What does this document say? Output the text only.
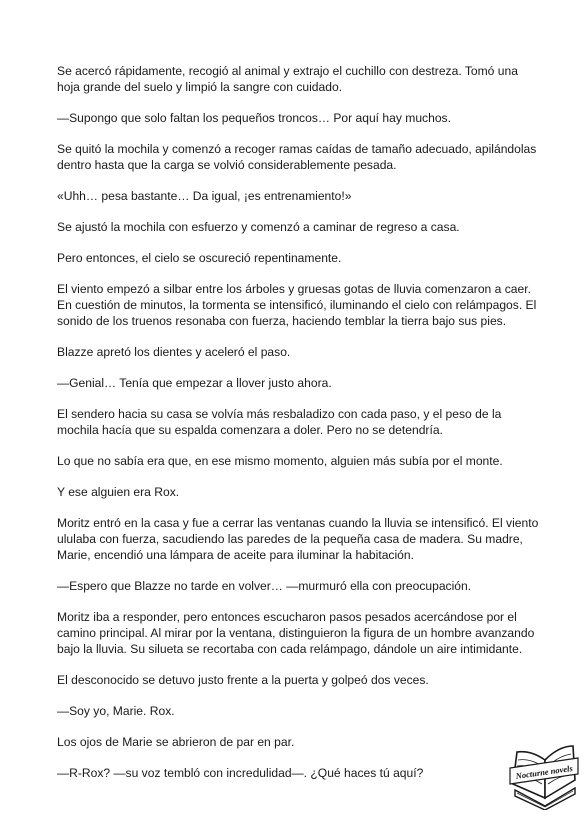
Se acercó rápidamente, recogió al animal y extrajo el cuchillo con destreza. Tomó una hoja grande del suelo y limpió la sangre con cuidado.

—Supongo que solo faltan los pequeños troncos… Por aquí hay muchos.

Se quitó la mochila y comenzó a recoger ramas caídas de tamaño adecuado, apilándolas dentro hasta que la carga se volvió considerablemente pesada.

«Uhh… pesa bastante… Da igual, ¡es entrenamiento!»

Se ajustó la mochila con esfuerzo y comenzó a caminar de regreso a casa.

Pero entonces, el cielo se oscureció repentinamente.

El viento empezó a silbar entre los árboles y gruesas gotas de lluvia comenzaron a caer. En cuestión de minutos, la tormenta se intensificó, iluminando el cielo con relámpagos. El sonido de los truenos resonaba con fuerza, haciendo temblar la tierra bajo sus pies.

Blazze apretó los dientes y aceleró el paso.

—Genial… Tenía que empezar a llover justo ahora.

El sendero hacia su casa se volvía más resbaladizo con cada paso, y el peso de la mochila hacía que su espalda comenzara a doler. Pero no se detendría.

Lo que no sabía era que, en ese mismo momento, alguien más subía por el monte.

Y ese alguien era Rox.

Moritz entró en la casa y fue a cerrar las ventanas cuando la lluvia se intensificó. El viento ululaba con fuerza, sacudiendo las paredes de la pequeña casa de madera. Su madre, Marie, encendió una lámpara de aceite para iluminar la habitación.

—Espero que Blazze no tarde en volver… —murmuró ella con preocupación.

Moritz iba a responder, pero entonces escucharon pasos pesados acercándose por el camino principal. Al mirar por la ventana, distinguieron la figura de un hombre avanzando bajo la lluvia. Su silueta se recortaba con cada relámpago, dándole un aire intimidante.

El desconocido se detuvo justo frente a la puerta y golpeó dos veces.

—Soy yo, Marie. Rox.

Los ojos de Marie se abrieron de par en par.

—R-Rox? —su voz tembló con incredulidad—. ¿Qué haces tú aquí?	Nocturne novels
